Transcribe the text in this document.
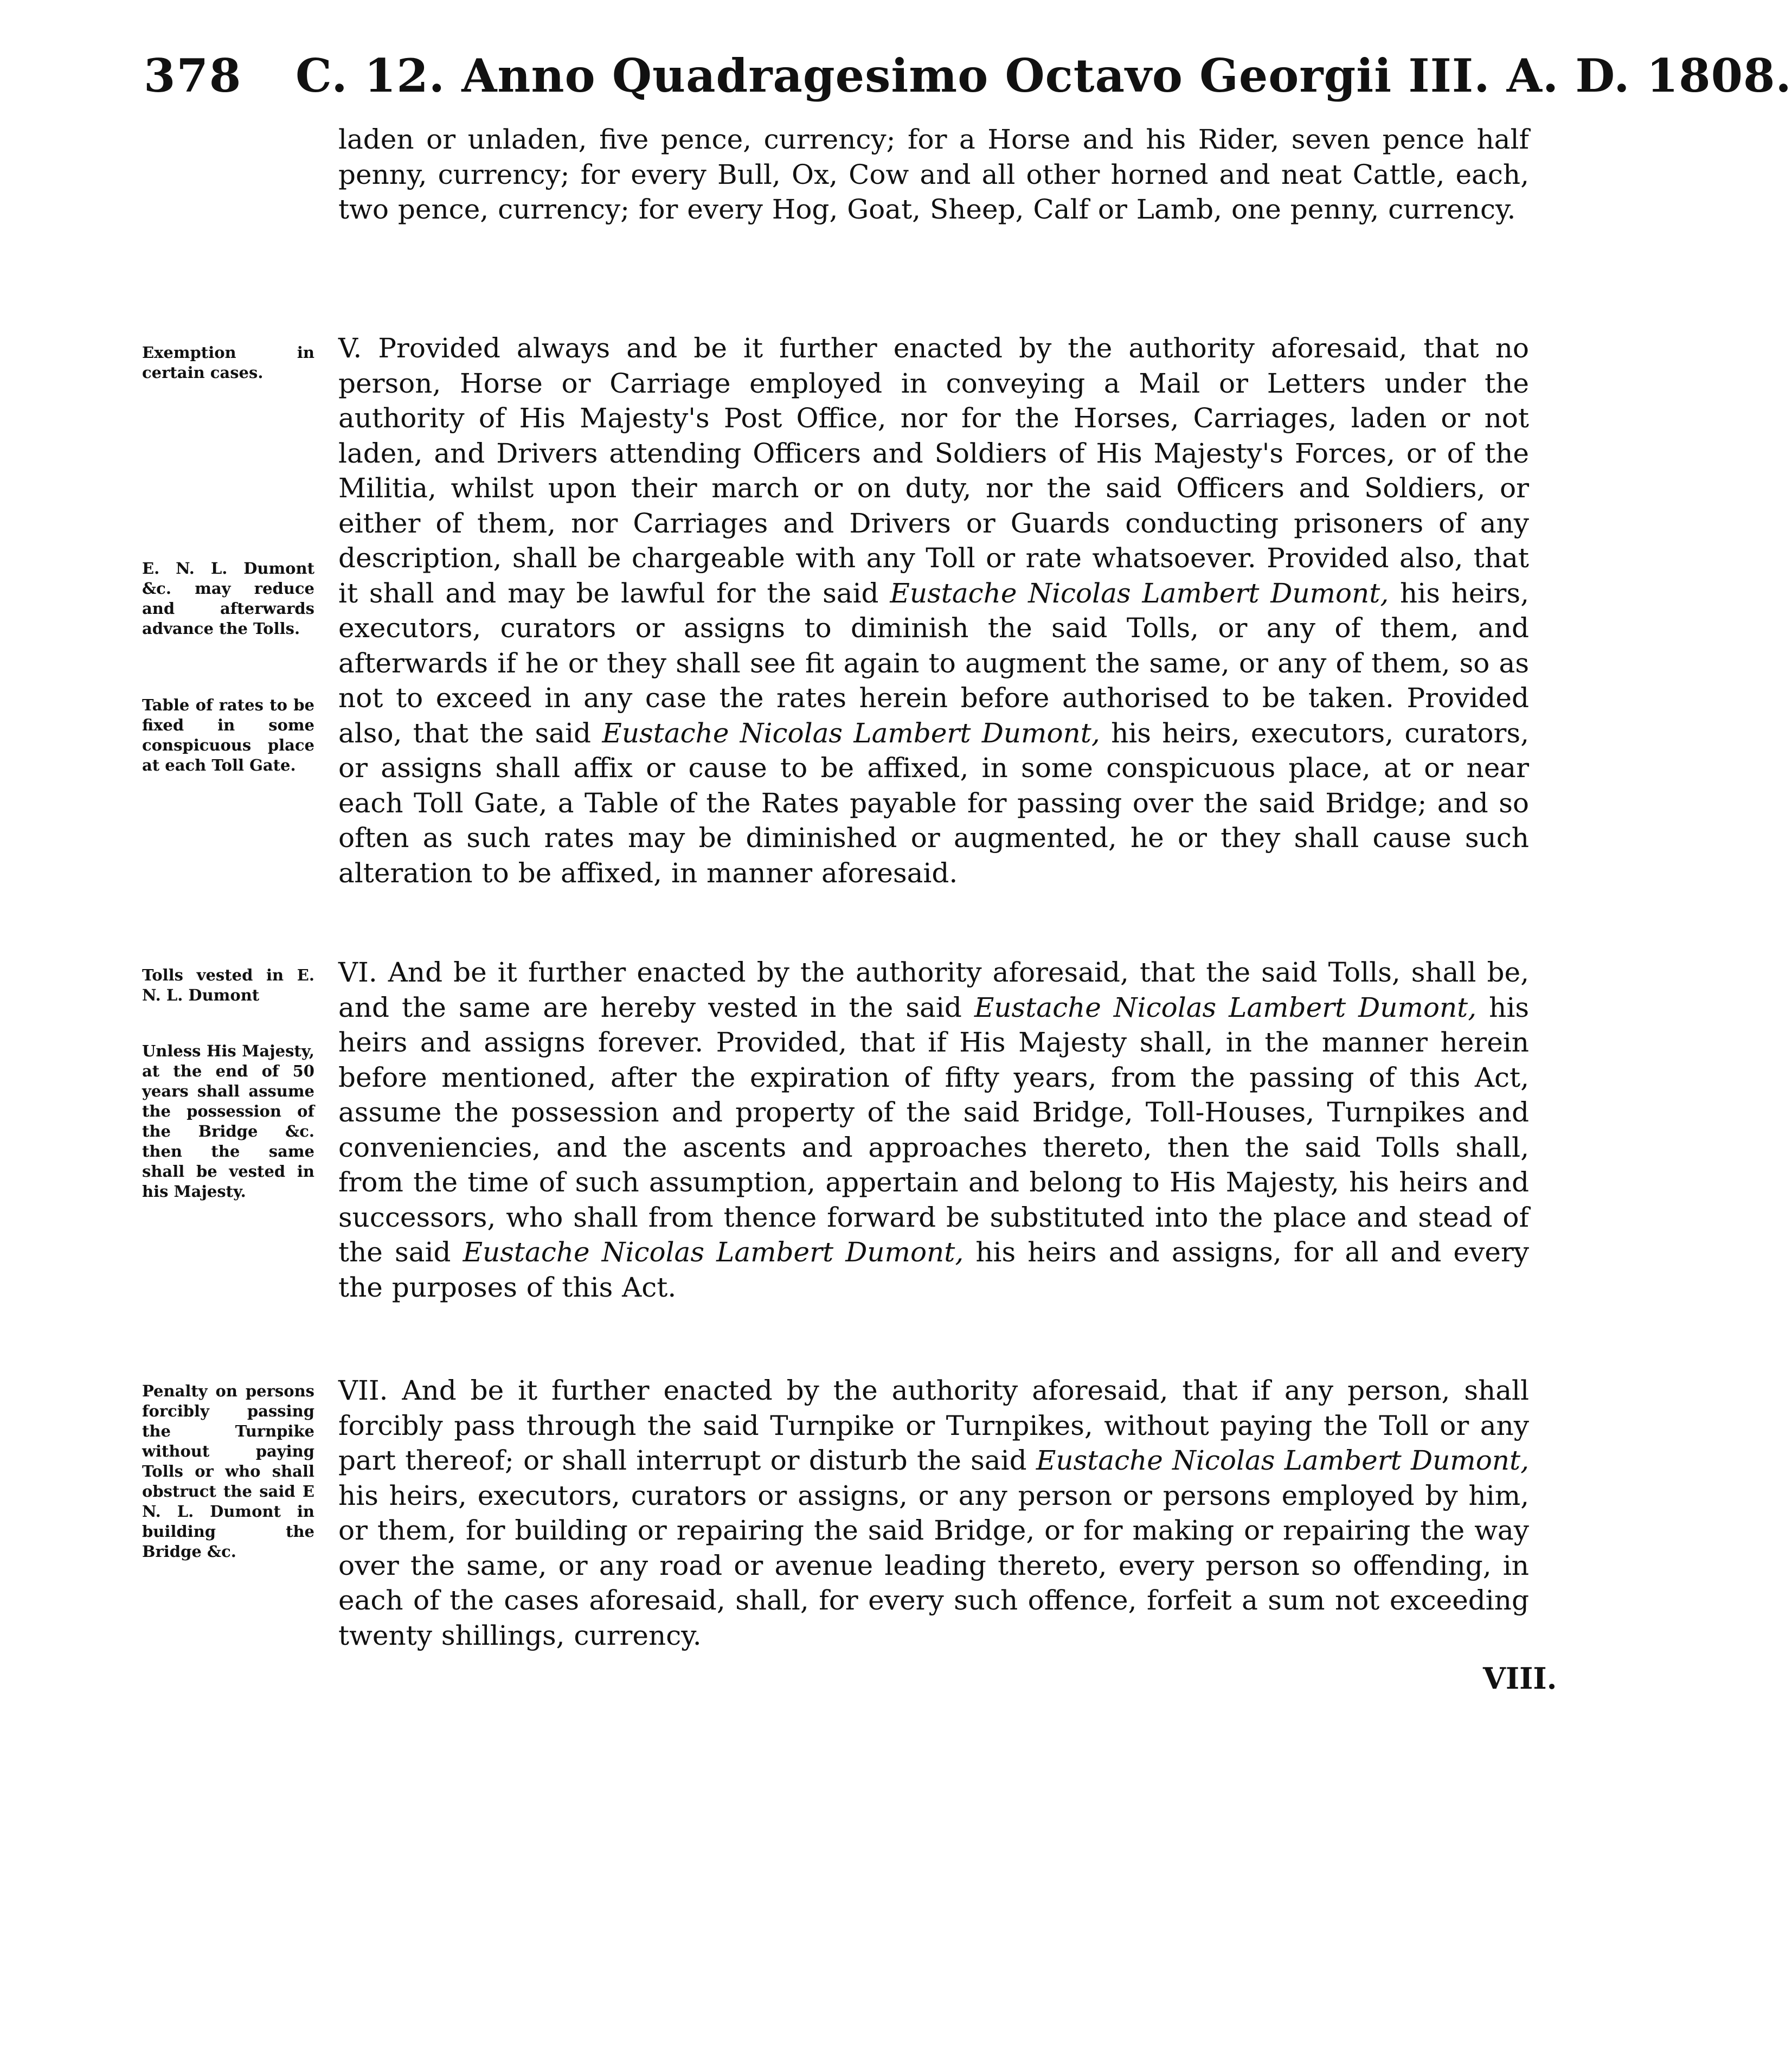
378 C. 12. Anno Quadragesimo Octavo Georgii III. A. D. 1808.
laden or unladen, five pence, currency; for a Horse and his Rider, seven pence half penny, currency; for every Bull, Ox, Cow and all other horned and neat Cattle, each, two pence, currency; for every Hog, Goat, Sheep, Calf or Lamb, one penny, currency.
Exemption in certain cases.
E. N. L. Dumont &c. may reduce and afterwards advance the Tolls.
Table of rates to be fixed in some conspicuous place at each Toll Gate.
V. Provided always and be it further enacted by the authority aforesaid, that no person, Horse or Carriage employed in conveying a Mail or Letters under the authority of His Majesty's Post Office, nor for the Horses, Carriages, laden or not laden, and Drivers attending Officers and Soldiers of His Majesty's Forces, or of the Militia, whilst upon their march or on duty, nor the said Officers and Soldiers, or either of them, nor Carriages and Drivers or Guards conducting prisoners of any description, shall be chargeable with any Toll or rate whatsoever. Provided also, that it shall and may be lawful for the said Eustache Nicolas Lambert Dumont, his heirs, executors, curators or assigns to diminish the said Tolls, or any of them, and afterwards if he or they shall see fit again to augment the same, or any of them, so as not to exceed in any case the rates herein before authorised to be taken. Provided also, that the said Eustache Nicolas Lambert Dumont, his heirs, executors, curators, or assigns shall affix or cause to be affixed, in some conspicuous place, at or near each Toll Gate, a Table of the Rates payable for passing over the said Bridge; and so often as such rates may be diminished or augmented, he or they shall cause such alteration to be affixed, in manner aforesaid.
Tolls vested in E. N. L. Dumont
Unless His Majesty, at the end of 50 years shall assume the possession of the Bridge &c. then the same shall be vested in his Majesty.
VI. And be it further enacted by the authority aforesaid, that the said Tolls, shall be, and the same are hereby vested in the said Eustache Nicolas Lambert Dumont, his heirs and assigns forever. Provided, that if His Majesty shall, in the manner herein before mentioned, after the expiration of fifty years, from the passing of this Act, assume the possession and property of the said Bridge, Toll-Houses, Turnpikes and conveniencies, and the ascents and approaches thereto, then the said Tolls shall, from the time of such assumption, appertain and belong to His Majesty, his heirs and successors, who shall from thence forward be substituted into the place and stead of the said Eustache Nicolas Lambert Dumont, his heirs and assigns, for all and every the purposes of this Act.
Penalty on persons forcibly passing the Turnpike without paying Tolls or who shall obstruct the said E N. L. Dumont in building the Bridge &c.
VII. And be it further enacted by the authority aforesaid, that if any person, shall forcibly pass through the said Turnpike or Turnpikes, without paying the Toll or any part thereof; or shall interrupt or disturb the said Eustache Nicolas Lambert Dumont, his heirs, executors, curators or assigns, or any person or persons employed by him, or them, for building or repairing the said Bridge, or for making or repairing the way over the same, or any road or avenue leading thereto, every person so offending, in each of the cases aforesaid, shall, for every such offence, forfeit a sum not exceeding twenty shillings, currency.
VIII.
